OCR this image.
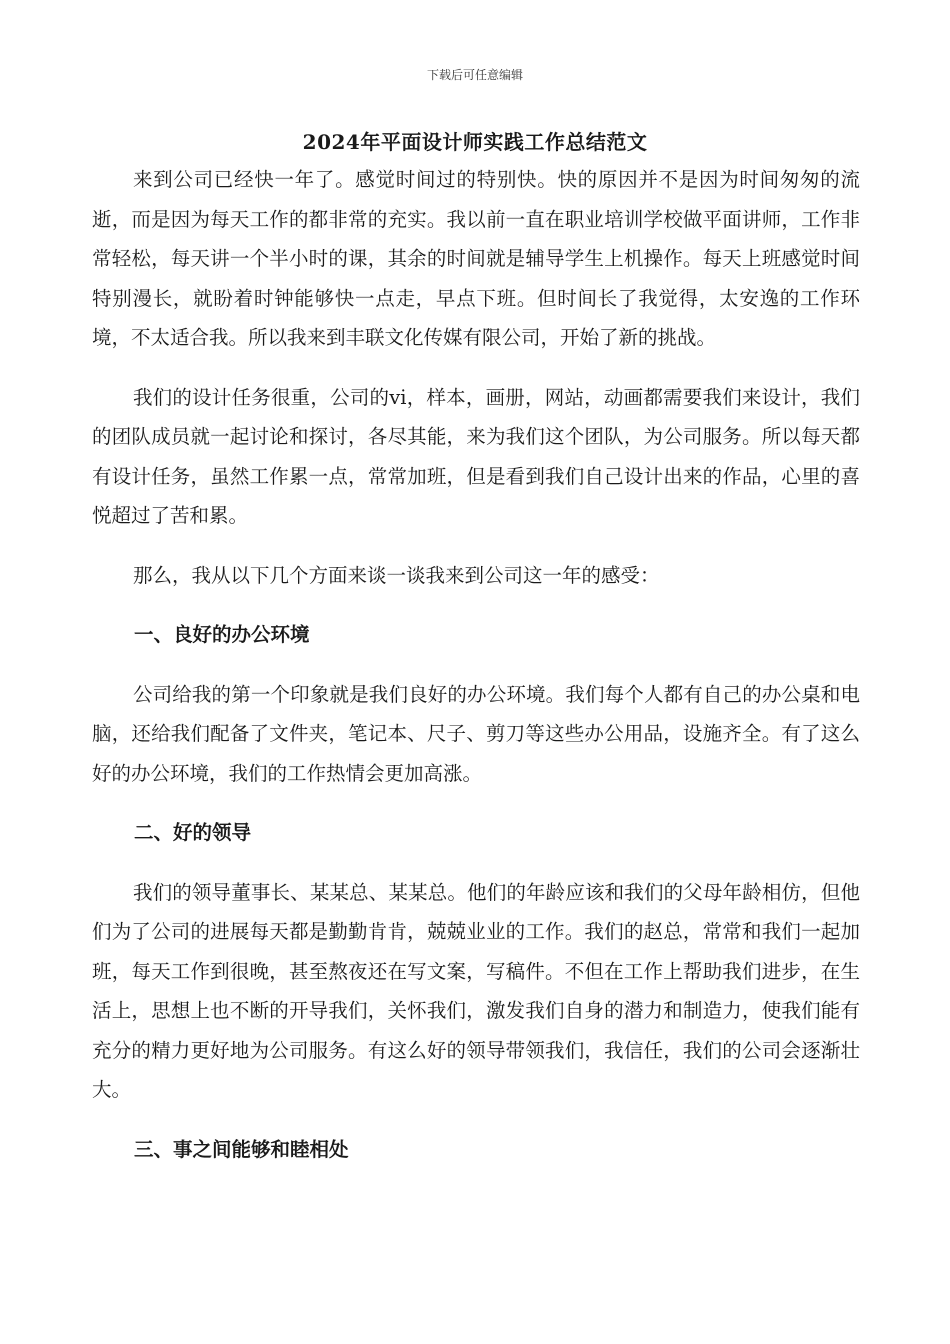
下载后可任意编辑
2024年平面设计师实践工作总结范文

来到公司已经快一年了。感觉时间过的特别快。快的原因并不是因为时间匆匆的流逝，而是因为每天工作的都非常的充实。我以前一直在职业培训学校做平面讲师，工作非常轻松，每天讲一个半小时的课，其余的时间就是辅导学生上机操作。每天上班感觉时间特别漫长，就盼着时钟能够快一点走，早点下班。但时间长了我觉得，太安逸的工作环境，不太适合我。所以我来到丰联文化传媒有限公司，开始了新的挑战。

我们的设计任务很重，公司的vi，样本，画册，网站，动画都需要我们来设计，我们的团队成员就一起讨论和探讨，各尽其能，来为我们这个团队，为公司服务。所以每天都有设计任务，虽然工作累一点，常常加班，但是看到我们自己设计出来的作品，心里的喜悦超过了苦和累。

那么，我从以下几个方面来谈一谈我来到公司这一年的感受：

一、良好的办公环境

公司给我的第一个印象就是我们良好的办公环境。我们每个人都有自己的办公桌和电脑，还给我们配备了文件夹，笔记本、尺子、剪刀等这些办公用品，设施齐全。有了这么好的办公环境，我们的工作热情会更加高涨。

二、好的领导

我们的领导董事长、某某总、某某总。他们的年龄应该和我们的父母年龄相仿，但他们为了公司的进展每天都是勤勤肯肯，兢兢业业的工作。我们的赵总，常常和我们一起加班，每天工作到很晚，甚至熬夜还在写文案，写稿件。不但在工作上帮助我们进步，在生活上，思想上也不断的开导我们，关怀我们，激发我们自身的潜力和制造力，使我们能有充分的精力更好地为公司服务。有这么好的领导带领我们，我信任，我们的公司会逐渐壮大。

三、事之间能够和睦相处
